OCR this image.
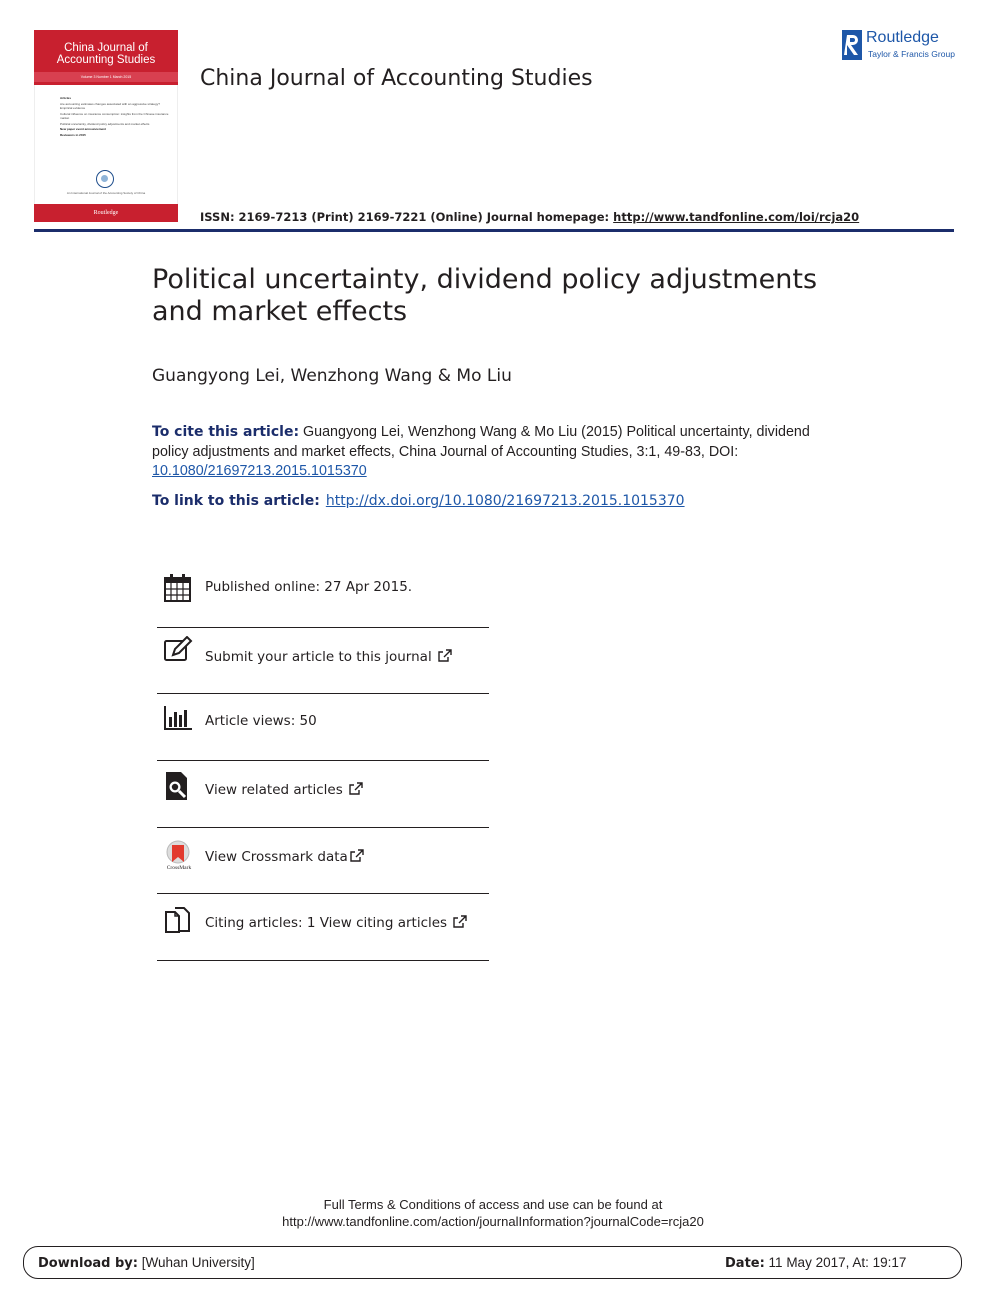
China Journal of
Accounting Studies
Volume 3 Number 1 March 2015
Articles
Are accounting estimates changes associated with an aggressive strategy? Empirical evidence
Cultural influence on insurance consumption: insights from the Chinese insurance market
Political uncertainty, dividend policy adjustments and market effects
New paper event announcement
Reviewers in 2015
An International Journal of the Accounting Society of China
Routledge
China Journal of Accounting Studies
Routledge
Taylor & Francis Group
ISSN: 2169-7213 (Print) 2169-7221 (Online) Journal homepage: http://www.tandfonline.com/loi/rcja20
Political uncertainty, dividend policy adjustments and market effects
Guangyong Lei, Wenzhong Wang & Mo Liu
To cite this article: Guangyong Lei, Wenzhong Wang & Mo Liu (2015) Political uncertainty, dividend policy adjustments and market effects, China Journal of Accounting Studies, 3:1, 49-83, DOI: 10.1080/21697213.2015.1015370
To link to this article: http://dx.doi.org/10.1080/21697213.2015.1015370
Published online: 27 Apr 2015.
Submit your article to this journal
Article views: 50
View related articles
CrossMark
View Crossmark data
Citing articles: 1 View citing articles
Full Terms & Conditions of access and use can be found at
http://www.tandfonline.com/action/journalInformation?journalCode=rcja20
Download by: [Wuhan University]	Date: 11 May 2017, At: 19:17
